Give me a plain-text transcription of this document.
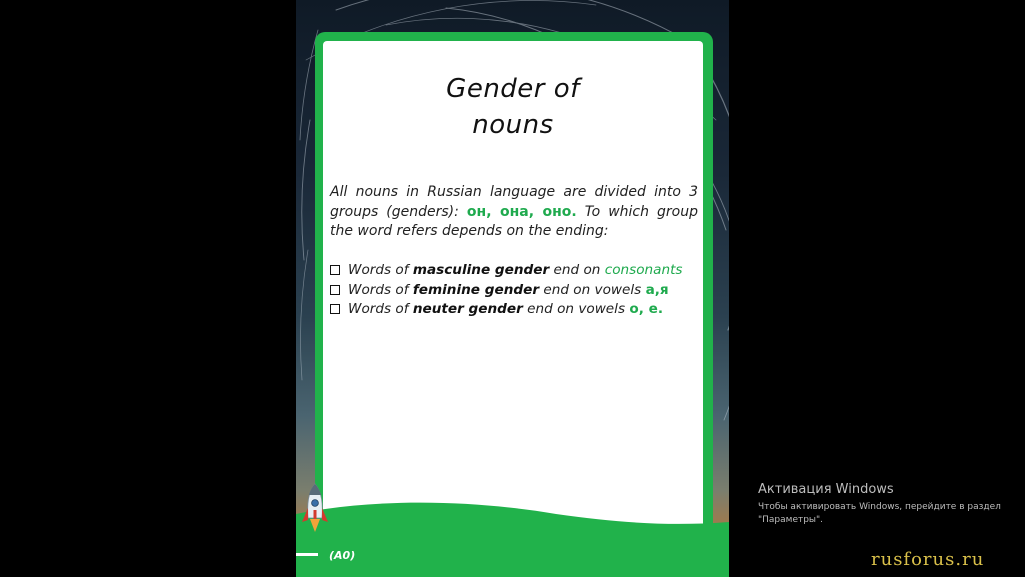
Gender of
nouns

All nouns in Russian language are divided into 3 groups (genders): он, она, оно. To which group the word refers depends on the ending:

Words of masculine gender end on consonants
Words of feminine gender end on vowels а,я
Words of neuter gender end on vowels о, е.
(A0)
Активация Windows
Чтобы активировать Windows, перейдите в раздел "Параметры".
rusforus.ru
